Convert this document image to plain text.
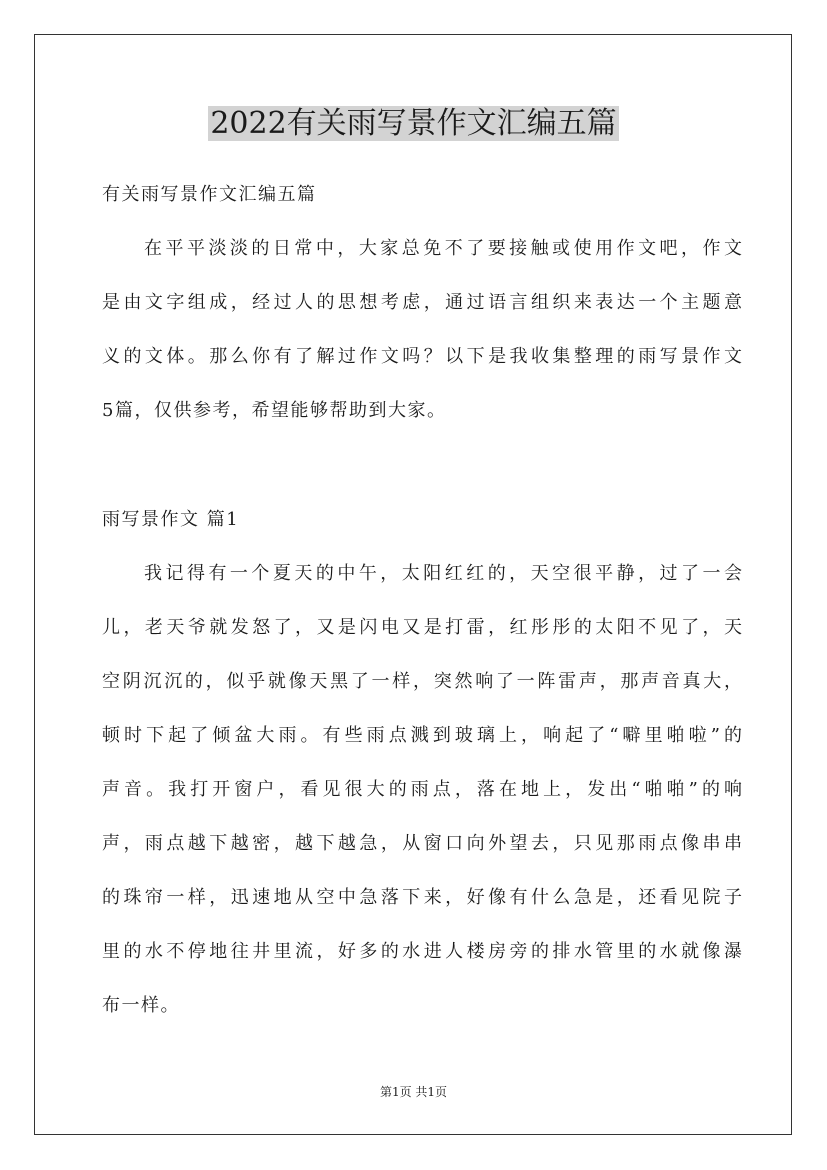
2022有关雨写景作文汇编五篇
有关雨写景作文汇编五篇
在平平淡淡的日常中，大家总免不了要接触或使用作文吧，作文
是由文字组成，经过人的思想考虑，通过语言组织来表达一个主题意
义的文体。那么你有了解过作文吗？以下是我收集整理的雨写景作文
5篇，仅供参考，希望能够帮助到大家。
雨写景作文 篇1
我记得有一个夏天的中午，太阳红红的，天空很平静，过了一会
儿，老天爷就发怒了，又是闪电又是打雷，红彤彤的太阳不见了，天
空阴沉沉的，似乎就像天黑了一样，突然响了一阵雷声，那声音真大，
顿时下起了倾盆大雨。有些雨点溅到玻璃上，响起了“噼里啪啦”的
声音。我打开窗户，看见很大的雨点，落在地上，发出“啪啪”的响
声，雨点越下越密，越下越急，从窗口向外望去，只见那雨点像串串
的珠帘一样，迅速地从空中急落下来，好像有什么急是，还看见院子
里的水不停地往井里流，好多的水进人楼房旁的排水管里的水就像瀑
布一样。
第1页 共1页
